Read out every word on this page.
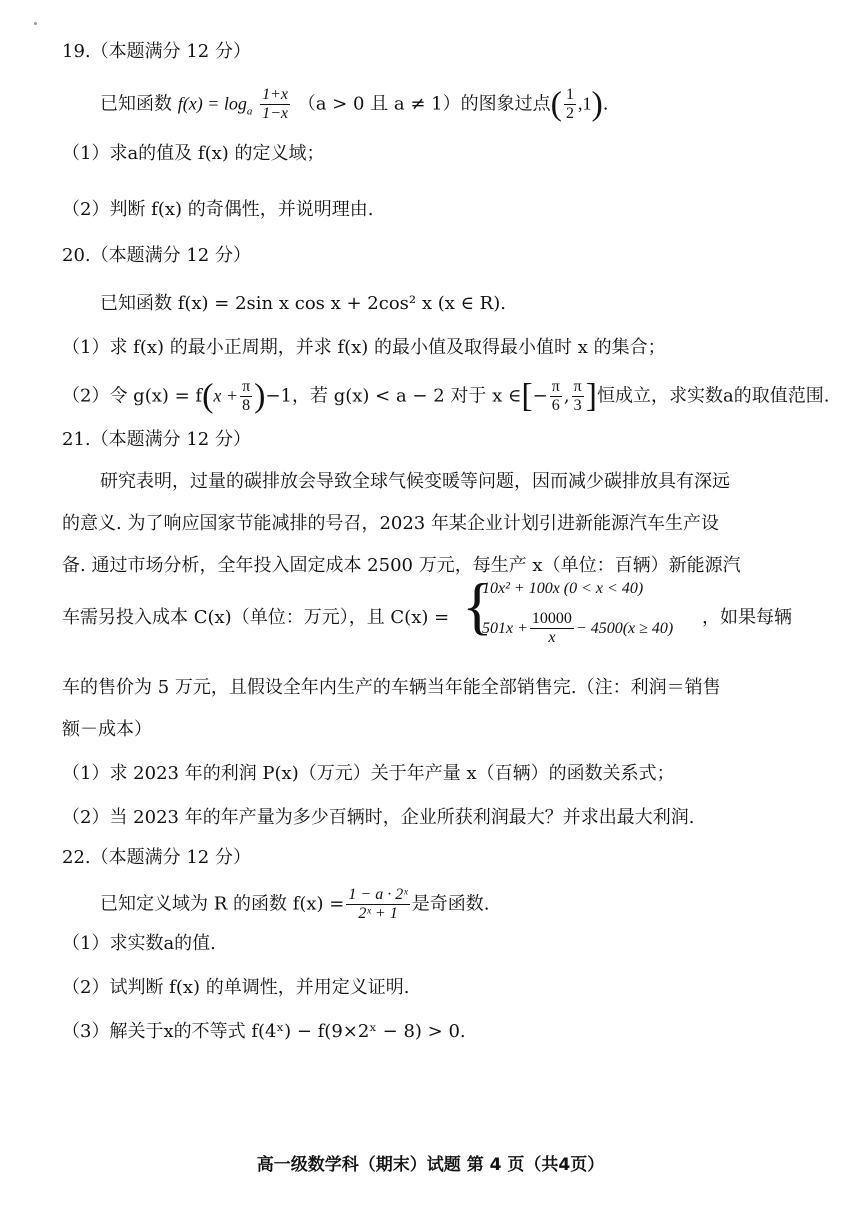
19.（本题满分 12 分）
已知函数 $f(x) = \log_a \frac{1+x}{1-x} (a > 0$ 且 a ≠ 1）的图象过点( $\frac{1}{2} ,1$).
（1）求a的值及 f(x) 的定义域；
（2）判断 f(x) 的奇偶性，并说明理由.
20.（本题满分 12 分）
已知函数 f(x) = 2sin x cos x + 2cos² x (x ∈ R).
（1）求 f(x) 的最小正周期，并求 f(x) 的最小值及取得最小值时 x 的集合；
（2）令 $g(x) = f(x + \frac{\pi}{8} )-1$，若 g(x) < a − 2 对于 x ∈[− $\frac{\pi}{6}$ , $\frac{\pi}{3}$ ]恒成立，求实数a的取值范围.
21.（本题满分 12 分）
研究表明，过量的碳排放会导致全球气候变暖等问题，因而减少碳排放具有深远
的意义. 为了响应国家节能减排的号召，2023 年某企业计划引进新能源汽车生产设
备. 通过市场分析，全年投入固定成本 2500 万元，每生产 x（单位：百辆）新能源汽
车需另投入成本 C(x)（单位：万元），且 C(x) = {
10x² + 100x (0 < x < 40)
$501x + \frac{10000}{x} - 4500(x \ge 40)$
，如果每辆
车的售价为 5 万元，且假设全年内生产的车辆当年能全部销售完.（注：利润＝销售
额－成本）
（1）求 2023 年的利润 P(x)（万元）关于年产量 x（百辆）的函数关系式；
（2）当 2023 年的年产量为多少百辆时，企业所获利润最大？并求出最大利润.
22.（本题满分 12 分）
已知定义域为 R 的函数 $f(x) = \frac{\text{1 − a · 2ˣ}}{\text{2ˣ + 1}}$ 是奇函数.
（1）求实数a的值.
（2）试判断 f(x) 的单调性，并用定义证明.
（3）解关于x的不等式 f(4ˣ) − f(9×2ˣ − 8) > 0.
高一级数学科（期末）试题 第 4 页（共4页）
